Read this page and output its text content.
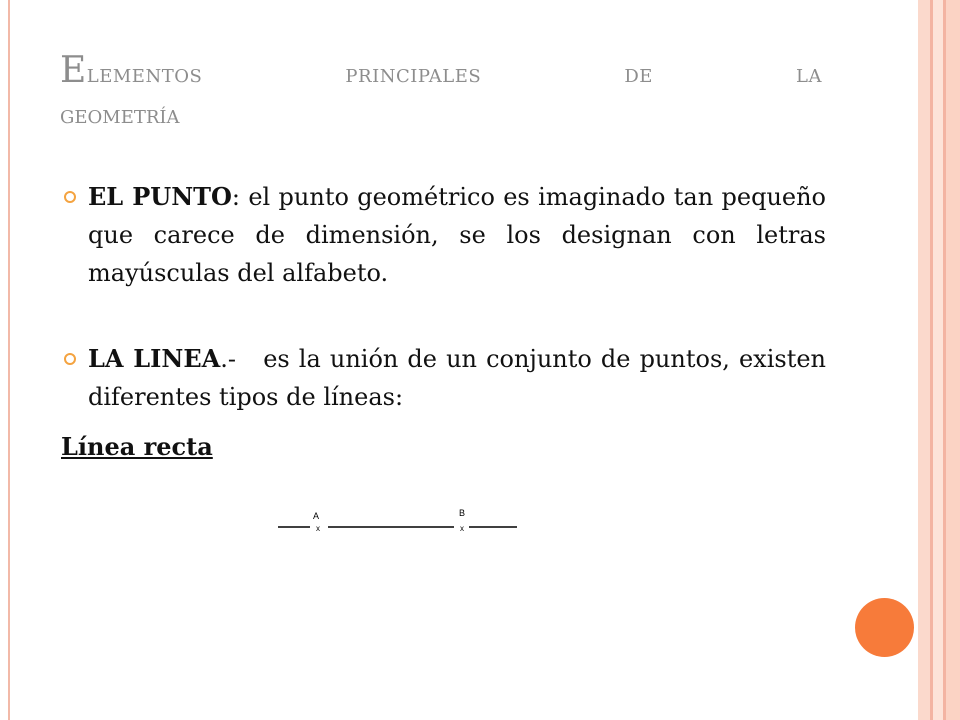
Elementos	principales	de	la
geometría
EL PUNTO: el punto geométrico es imaginado tan pequeño que carece de dimensión, se los designan con letras mayúsculas del alfabeto.
LA LINEA.-   es la unión de un conjunto de puntos, existen diferentes tipos de líneas:
Línea recta
A
x
B
x
